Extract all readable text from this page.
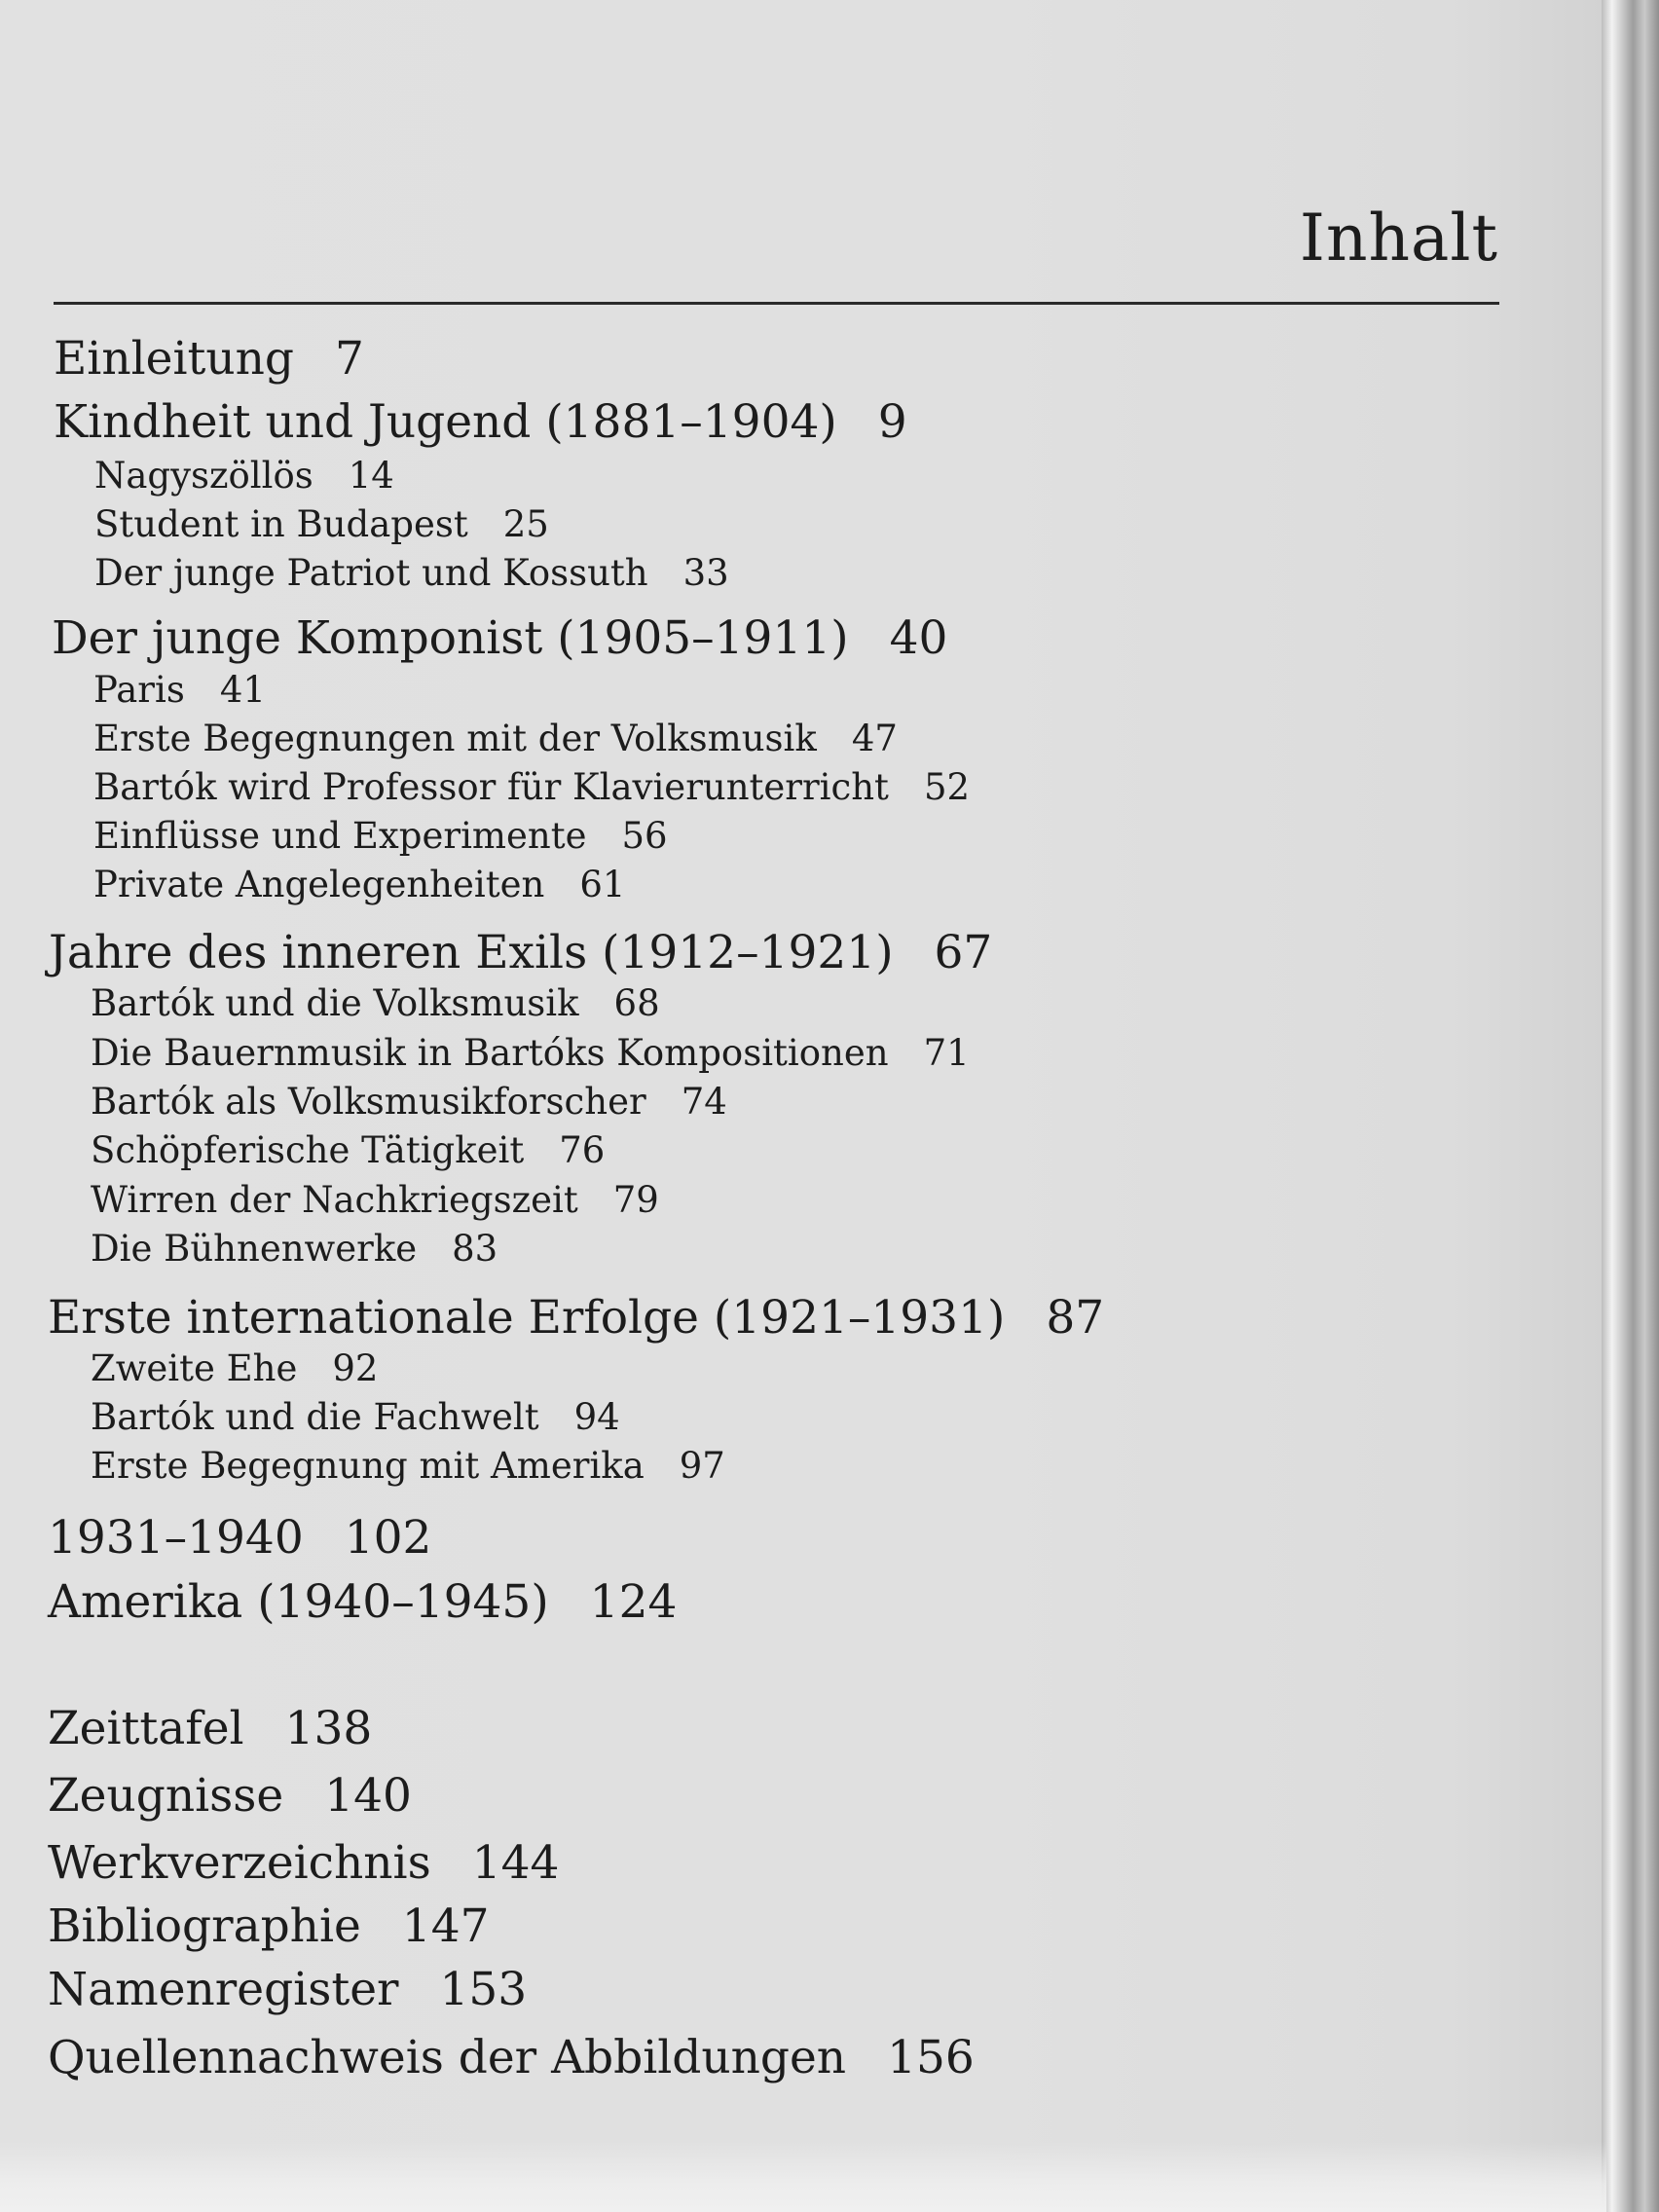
Inhalt
Einleitung 7
Kindheit und Jugend (1881–1904) 9
Nagyszöllös 14
Student in Budapest 25
Der junge Patriot und Kossuth 33
Der junge Komponist (1905–1911) 40
Paris 41
Erste Begegnungen mit der Volksmusik 47
Bartók wird Professor für Klavierunterricht 52
Einflüsse und Experimente 56
Private Angelegenheiten 61
Jahre des inneren Exils (1912–1921) 67
Bartók und die Volksmusik 68
Die Bauernmusik in Bartóks Kompositionen 71
Bartók als Volksmusikforscher 74
Schöpferische Tätigkeit 76
Wirren der Nachkriegszeit 79
Die Bühnenwerke 83
Erste internationale Erfolge (1921–1931) 87
Zweite Ehe 92
Bartók und die Fachwelt 94
Erste Begegnung mit Amerika 97
1931–1940 102
Amerika (1940–1945) 124
Zeittafel 138
Zeugnisse 140
Werkverzeichnis 144
Bibliographie 147
Namenregister 153
Quellennachweis der Abbildungen 156
